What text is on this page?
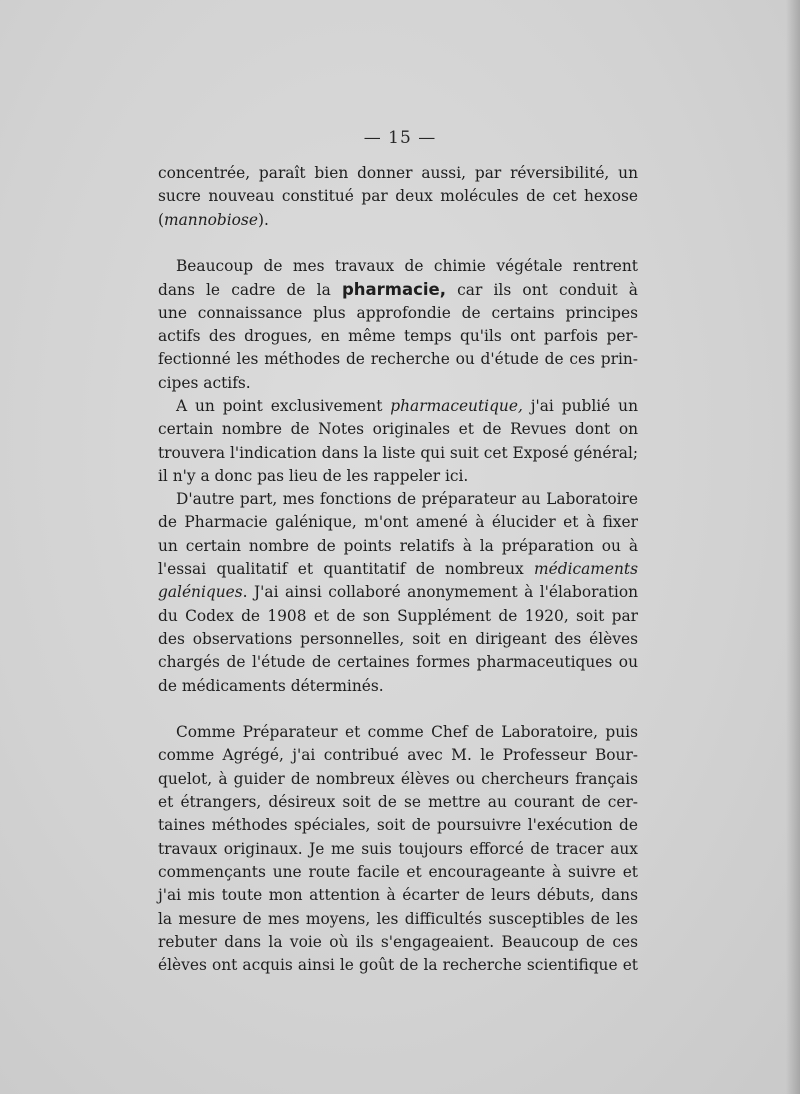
— 15 —
concentrée, paraît bien donner aussi, par réversibilité, un
sucre nouveau constitué par deux molécules de cet hexose
(mannobiose).
Beaucoup de mes travaux de chimie végétale rentrent
dans le cadre de la pharmacie, car ils ont conduit à
une connaissance plus approfondie de certains principes
actifs des drogues, en même temps qu'ils ont parfois per-
fectionné les méthodes de recherche ou d'étude de ces prin-
cipes actifs.
A un point exclusivement pharmaceutique, j'ai publié un
certain nombre de Notes originales et de Revues dont on
trouvera l'indication dans la liste qui suit cet Exposé général;
il n'y a donc pas lieu de les rappeler ici.
D'autre part, mes fonctions de préparateur au Laboratoire
de Pharmacie galénique, m'ont amené à élucider et à fixer
un certain nombre de points relatifs à la préparation ou à
l'essai qualitatif et quantitatif de nombreux médicaments
galéniques. J'ai ainsi collaboré anonymement à l'élaboration
du Codex de 1908 et de son Supplément de 1920, soit par
des observations personnelles, soit en dirigeant des élèves
chargés de l'étude de certaines formes pharmaceutiques ou
de médicaments déterminés.
Comme Préparateur et comme Chef de Laboratoire, puis
comme Agrégé, j'ai contribué avec M. le Professeur Bour-
quelot, à guider de nombreux élèves ou chercheurs français
et étrangers, désireux soit de se mettre au courant de cer-
taines méthodes spéciales, soit de poursuivre l'exécution de
travaux originaux. Je me suis toujours efforcé de tracer aux
commençants une route facile et encourageante à suivre et
j'ai mis toute mon attention à écarter de leurs débuts, dans
la mesure de mes moyens, les difficultés susceptibles de les
rebuter dans la voie où ils s'engageaient. Beaucoup de ces
élèves ont acquis ainsi le goût de la recherche scientifique et
